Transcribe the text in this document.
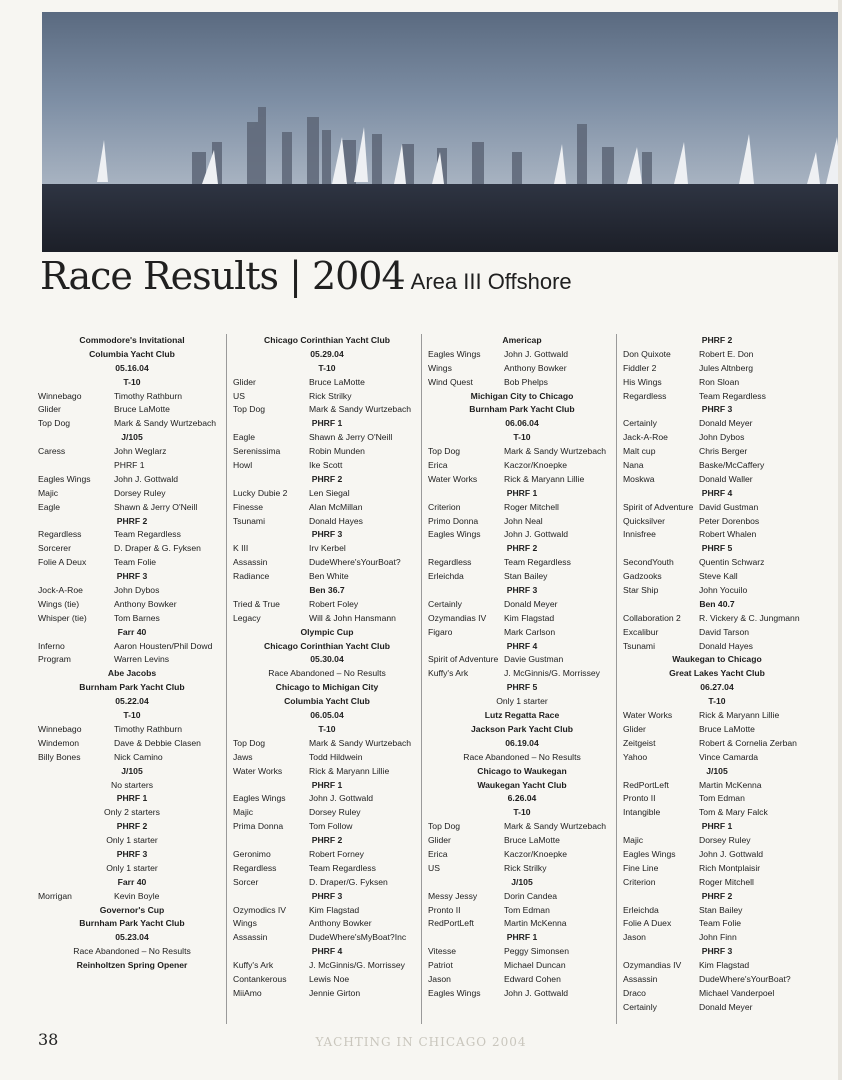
Race Results | 2004 Area III Offshore
Commodore's Invitational
Columbia Yacht Club
05.16.04
T-10
Winnebago	Timothy Rathburn
Glider	Bruce LaMotte
Top Dog	Mark & Sandy Wurtzebach
J/105
Caress	John Weglarz
PHRF 1
Eagles Wings	John J. Gottwald
Majic	Dorsey Ruley
Eagle	Shawn & Jerry O'Neill
PHRF 2
Regardless	Team Regardless
Sorcerer	D. Draper & G. Fyksen
Folie A Deux	Team Folie
PHRF 3
Jock-A-Roe	John Dybos
Wings (tie)	Anthony Bowker
Whisper (tie)	Tom Barnes
Farr 40
Inferno	Aaron Housten/Phil Dowd
Program	Warren Levins
Abe Jacobs
Burnham Park Yacht Club
05.22.04
T-10
Winnebago	Timothy Rathburn
Windemon	Dave & Debbie Clasen
Billy Bones	Nick Camino
J/105
No starters
PHRF 1
Only 2 starters
PHRF 2
Only 1 starter
PHRF 3
Only 1 starter
Farr 40
Morrigan	Kevin Boyle
Governor's Cup
Burnham Park Yacht Club
05.23.04
Race Abandoned – No Results
Reinholtzen Spring Opener
Chicago Corinthian Yacht Club
05.29.04
T-10
Glider	Bruce LaMotte
US	Rick Strilky
Top Dog	Mark & Sandy Wurtzebach
PHRF 1
Eagle	Shawn & Jerry O'Neill
Serenissima	Robin Munden
Howl	Ike Scott
PHRF 2
Lucky Dubie 2	Len Siegal
Finesse	Alan McMillan
Tsunami	Donald Hayes
PHRF 3
K III	Irv Kerbel
Assassin	DudeWhere'sYourBoat?
Radiance	Ben White
Ben 36.7
Tried & True	Robert Foley
Legacy	Will & John Hansmann
Olympic Cup
Chicago Corinthian Yacht Club
05.30.04
Race Abandoned – No Results
Chicago to Michigan City
Columbia Yacht Club
06.05.04
T-10
Top Dog	Mark & Sandy Wurtzebach
Jaws	Todd Hildwein
Water Works	Rick & Maryann Lillie
PHRF 1
Eagles Wings	John J. Gottwald
Majic	Dorsey Ruley
Prima Donna	Tom Follow
PHRF 2
Geronimo	Robert Forney
Regardless	Team Regardless
Sorcer	D. Draper/G. Fyksen
PHRF 3
Ozymodics IV	Kim Flagstad
Wings	Anthony Bowker
Assassin	DudeWhere'sMyBoat?Inc
PHRF 4
Kuffy's Ark	J. McGinnis/G. Morrissey
Contankerous	Lewis Noe
MiiAmo	Jennie Girton
Americap
Eagles Wings	John J. Gottwald
Wings	Anthony Bowker
Wind Quest	Bob Phelps
Michigan City to Chicago
Burnham Park Yacht Club
06.06.04
T-10
Top Dog	Mark & Sandy Wurtzebach
Erica	Kaczor/Knoepke
Water Works	Rick & Maryann Lillie
PHRF 1
Criterion	Roger Mitchell
Primo Donna	John Neal
Eagles Wings	John J. Gottwald
PHRF 2
Regardless	Team Regardless
Erleichda	Stan Bailey
PHRF 3
Certainly	Donald Meyer
Ozymandias IV	Kim Flagstad
Figaro	Mark Carlson
PHRF 4
Spirit of Adventure Davie Gustman
Kuffy's Ark	J. McGinnis/G. Morrissey
PHRF 5
Only 1 starter
Lutz Regatta Race
Jackson Park Yacht Club
06.19.04
Race Abandoned – No Results
Chicago to Waukegan
Waukegan Yacht Club
6.26.04
T-10
Top Dog	Mark & Sandy Wurtzebach
Glider	Bruce LaMotte
Erica	Kaczor/Knoepke
US	Rick Strilky
J/105
Messy Jessy	Dorin Candea
Pronto II	Tom Edman
RedPortLeft	Martin McKenna
PHRF 1
Vitesse	Peggy Simonsen
Patriot	Michael Duncan
Jason	Edward Cohen
Eagles Wings	John J. Gottwald
PHRF 2
Don Quixote	Robert E. Don
Fiddler 2	Jules Altnberg
His Wings	Ron Sloan
Regardless	Team Regardless
PHRF 3
Certainly	Donald Meyer
Jack-A-Roe	John Dybos
Malt cup	Chris Berger
Nana	Baske/McCaffery
Moskwa	Donald Waller
PHRF 4
Spirit of Adventure David Gustman
Quicksilver	Peter Dorenbos
Innisfree	Robert Whalen
PHRF 5
SecondYouth	Quentin Schwarz
Gadzooks	Steve Kall
Star Ship	John Yocuilo
Ben 40.7
Collaboration 2	R. Vickery & C. Jungmann
Excalibur	David Tarson
Tsunami	Donald Hayes
Waukegan to Chicago
Great Lakes Yacht Club
06.27.04
T-10
Water Works	Rick & Maryann Lillie
Glider	Bruce LaMotte
Zeitgeist	Robert & Cornelia Zerban
Yahoo	Vince Camarda
J/105
RedPortLeft	Martin McKenna
Pronto II	Tom Edman
Intangible	Tom & Mary Falck
PHRF 1
Majic	Dorsey Ruley
Eagles Wings	John J. Gottwald
Fine Line	Rich Montplaisir
Criterion	Roger Mitchell
PHRF 2
Erleichda	Stan Bailey
Folie A Duex	Team Folie
Jason	John Finn
PHRF 3
Ozymandias IV	Kim Flagstad
Assassin	DudeWhere'sYourBoat?
Draco	Michael Vanderpoel
Certainly	Donald Meyer
38	YACHTING IN CHICAGO 2004
